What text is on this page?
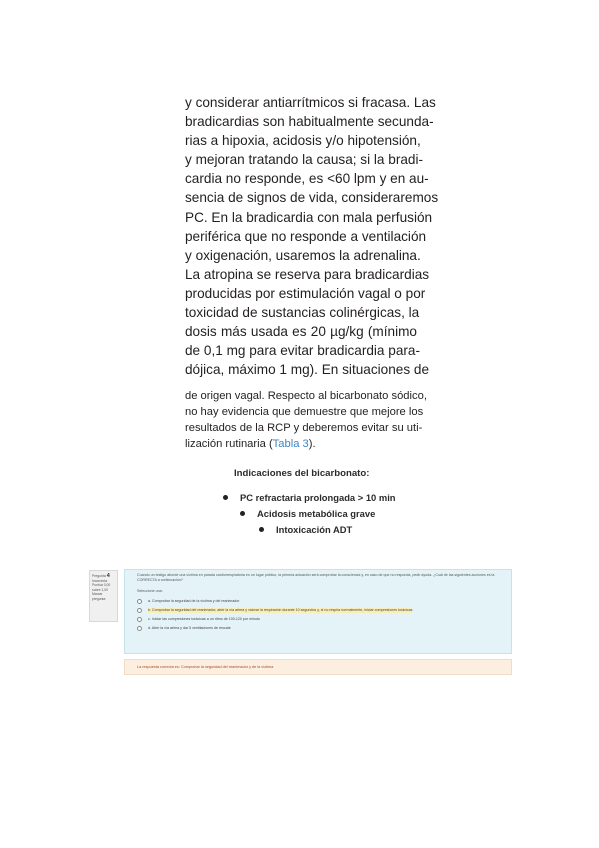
y considerar antiarrítmicos si fracasa. Las
bradicardias son habitualmente secunda-
rias a hipoxia, acidosis y/o hipotensión,
y mejoran tratando la causa; si la bradi-
cardia no responde, es <60 lpm y en au-
sencia de signos de vida, consideraremos
PC. En la bradicardia con mala perfusión
periférica que no responde a ventilación
y oxigenación, usaremos la adrenalina.
La atropina se reserva para bradicardias
producidas por estimulación vagal o por
toxicidad de sustancias colinérgicas, la
dosis más usada es 20 µg/kg (mínimo
de 0,1 mg para evitar bradicardia para-
dójica, máximo 1 mg). En situaciones de
de origen vagal. Respecto al bicarbonato sódico,
no hay evidencia que demuestre que mejore los
resultados de la RCP y deberemos evitar su uti-
lización rutinaria (Tabla 3).
Indicaciones del bicarbonato:
PC refractaria prolongada > 10 min
Acidosis metabólica grave
Intoxicación ADT
Pregunta 4
Incorrecta
Puntúa 0,00
sobre 1,00
Marcar
pregunta
Cuando un testigo aborde una víctima en parada cardiorrespiratoria en un lugar público, la primera actuación será comprobar la consciencia y, en caso de que no responda, pedir ayuda. ¿Cuál de las siguientes acciones es la CORRECTA a continuación?
Seleccione una:
a. Comprobar la seguridad de la víctima y del reanimador
b. Comprobar la seguridad del reanimador, abrir la vía aérea y valorar la respiración durante 10 segundos y, si no respira normalmente, iniciar compresiones torácicas
c. Iniciar las compresiones torácicas a un ritmo de 100-120 por minuto
d. Abrir la vía aérea y dar 5 ventilaciones de rescate
La respuesta correcta es: Comprobar la seguridad del reanimador y de la víctima
